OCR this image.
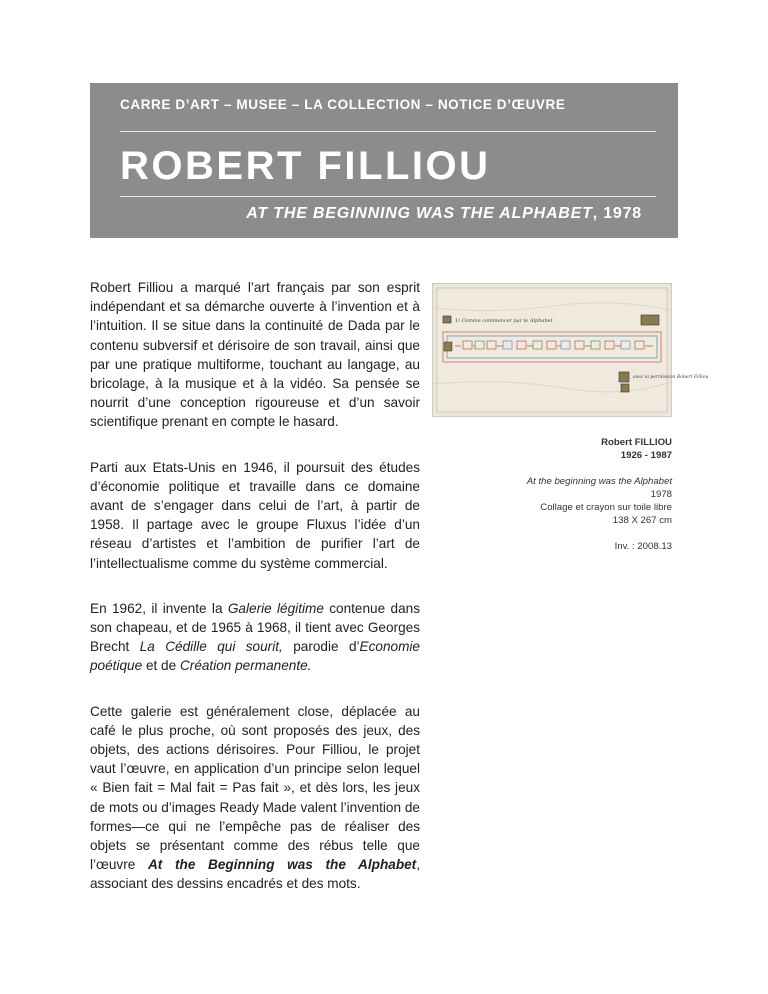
CARRE D’ART – MUSEE – LA COLLECTION – NOTICE D’ŒUVRE
ROBERT FILLIOU
AT THE BEGINNING WAS THE ALPHABET, 1978

Robert Filliou a marqué l’art français par son esprit indépendant et sa démarche ouverte à l’invention et à l’intuition. Il se situe dans la continuité de Dada par le contenu subversif et dérisoire de son travail, ainsi que par une pratique multiforme, touchant au langage, au bricolage, à la musique et à la vidéo. Sa pensée se nourrit d’une conception rigoureuse et d’un savoir scientifique prenant en compte le hasard.

Parti aux Etats-Unis en 1946, il poursuit des études d’économie politique et travaille dans ce domaine avant de s’engager dans celui de l’art, à partir de 1958. Il partage avec le groupe Fluxus l’idée d’un réseau d’artistes et l’ambition de purifier l’art de l’intellectualisme comme du système commercial.

En 1962, il invente la Galerie légitime contenue dans son chapeau, et de 1965 à 1968, il tient avec Georges Brecht La Cédille qui sourit, parodie d’Economie poétique et de Création permanente.

Cette galerie est généralement close, déplacée au café le plus proche, où sont proposés des jeux, des objets, des actions dérisoires. Pour Filliou, le projet vaut l’œuvre, en application d’un principe selon lequel « Bien fait = Mal fait = Pas fait », et dès lors, les jeux de mots ou d’images Ready Made valent l’invention de formes—ce qui ne l’empêche pas de réaliser des objets se présentant comme des rébus telle que l’œuvre At the Beginning was the Alphabet, associant des dessins encadrés et des mots.

1/ Comme commencer par le Alphabet
avec la permission Robert Filliou
Robert FILLIOU
1926 - 1987
At the beginning was the Alphabet
1978
Collage et crayon sur toile libre
138 X 267 cm
Inv. : 2008.13
